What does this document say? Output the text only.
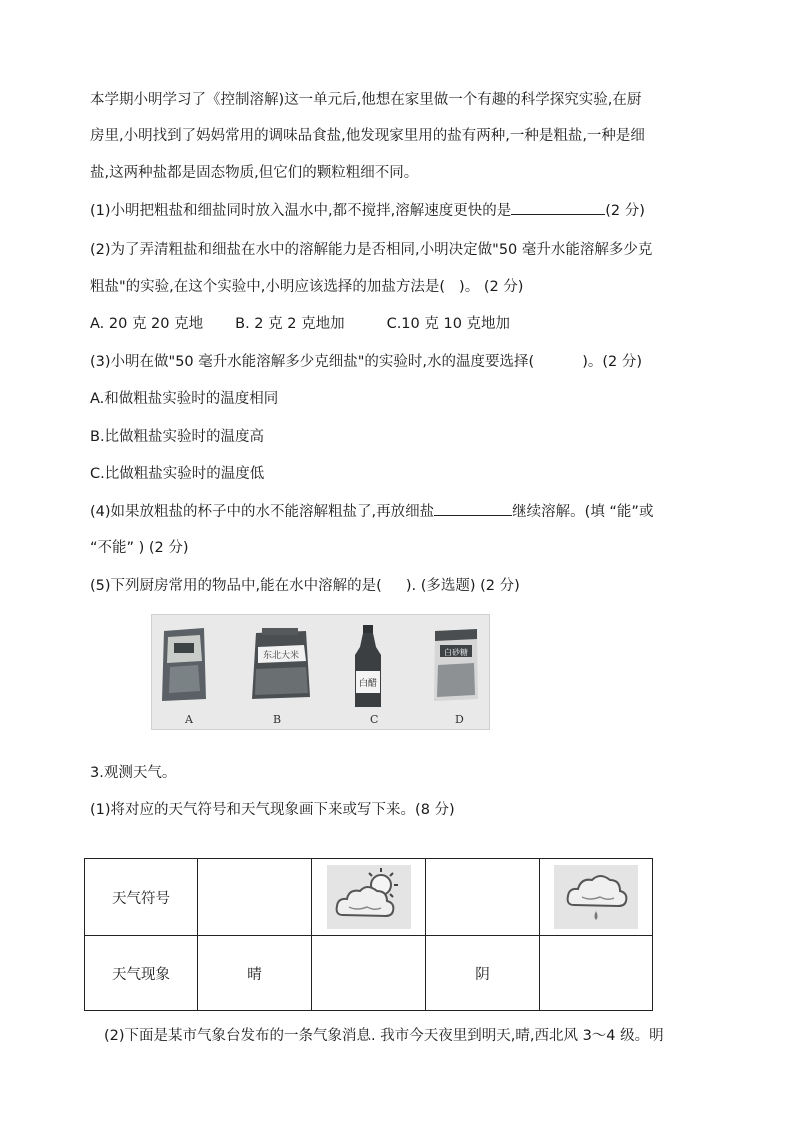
本学期小明学习了《控制溶解)这一单元后,他想在家里做一个有趣的科学探究实验,在厨
房里,小明找到了妈妈常用的调味品食盐,他发现家里用的盐有两种,一种是粗盐,一种是细
盐,这两种盐都是固态物质,但它们的颗粒粗细不同。
(1)小明把粗盐和细盐同时放入温水中,都不搅拌,溶解速度更快的是	(2 分)
(2)为了弄清粗盐和细盐在水中的溶解能力是否相同,小明决定做"50 毫升水能溶解多少克
粗盐"的实验,在这个实验中,小明应该选择的加盐方法是( )。 (2 分)
A. 20 克 20 克地 B. 2 克 2 克地加	C.10 克 10 克地加
(3)小明在做"50 毫升水能溶解多少克细盐"的实验时,水的温度要选择(	)。(2 分)
A.和做粗盐实验时的温度相同
B.比做粗盐实验时的温度高
C.比做粗盐实验时的温度低
(4)如果放粗盐的杯子中的水不能溶解粗盐了,再放细盐	继续溶解。(填 “能”或
“不能” ) (2 分)
(5)下列厨房常用的物品中,能在水中溶解的是( ). (多选题) (2 分)
A
东北大米
B
白醋
C
白砂糖
D
3.观测天气。
(1)将对应的天气符号和天气现象画下来或写下来。(8 分)
天气符号		

天气现象	晴		阴	
(2)下面是某市气象台发布的一条气象消息. 我市今天夜里到明天,晴,西北风 3～4 级。明
